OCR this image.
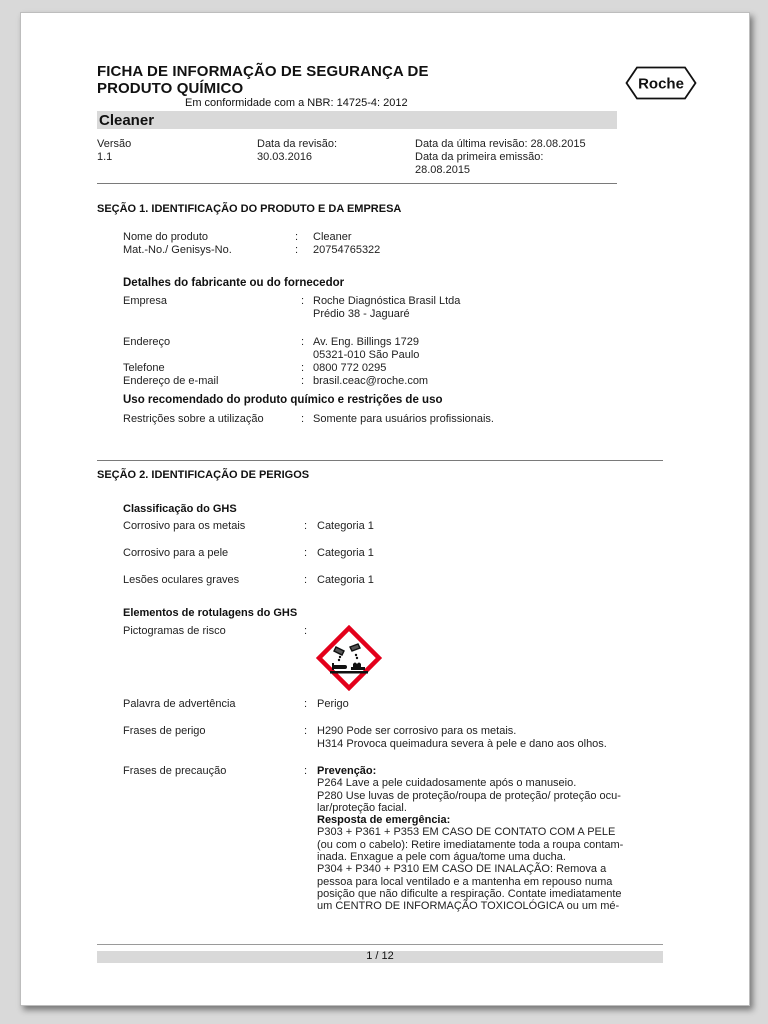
FICHA DE INFORMAÇÃO DE SEGURANÇA DE
PRODUTO QUÍMICO
Em conformidade com a NBR: 14725-4: 2012
Roche
Cleaner
Versão
1.1
Data da revisão:
30.03.2016
Data da última revisão: 28.08.2015
Data da primeira emissão:
28.08.2015
SEÇÃO 1. IDENTIFICAÇÃO DO PRODUTO E DA EMPRESA
Nome do produto	: Cleaner
Mat.-No./ Genisys-No.	: 20754765322
Detalhes do fabricante ou do fornecedor
Empresa	: Roche Diagnóstica Brasil Ltda
Prédio 38 - Jaguaré
Endereço	: Av. Eng. Billings 1729
05321-010 São Paulo
Telefone	: 0800 772 0295
Endereço de e-mail	: brasil.ceac@roche.com
Uso recomendado do produto químico e restrições de uso
Restrições sobre a utilização	: Somente para usuários profissionais.
SEÇÃO 2. IDENTIFICAÇÃO DE PERIGOS
Classificação do GHS
Corrosivo para os metais	: Categoria 1
Corrosivo para a pele	: Categoria 1
Lesões oculares graves	: Categoria 1
Elementos de rotulagens do GHS
Pictogramas de risco	:
Palavra de advertência	: Perigo
Frases de perigo	: H290 Pode ser corrosivo para os metais.
H314 Provoca queimadura severa à pele e dano aos olhos.
Frases de precaução	: Prevenção:
P264 Lave a pele cuidadosamente após o manuseio.
P280 Use luvas de proteção/roupa de proteção/ proteção ocu-
lar/proteção facial.
Resposta de emergência:
P303 + P361 + P353 EM CASO DE CONTATO COM A PELE
(ou com o cabelo): Retire imediatamente toda a roupa contam-
inada. Enxague a pele com água/tome uma ducha.
P304 + P340 + P310 EM CASO DE INALAÇÃO: Remova a
pessoa para local ventilado e a mantenha em repouso numa
posição que não dificulte a respiração. Contate imediatamente
um CENTRO DE INFORMAÇÃO TOXICOLÓGICA ou um mé-
1 / 12
